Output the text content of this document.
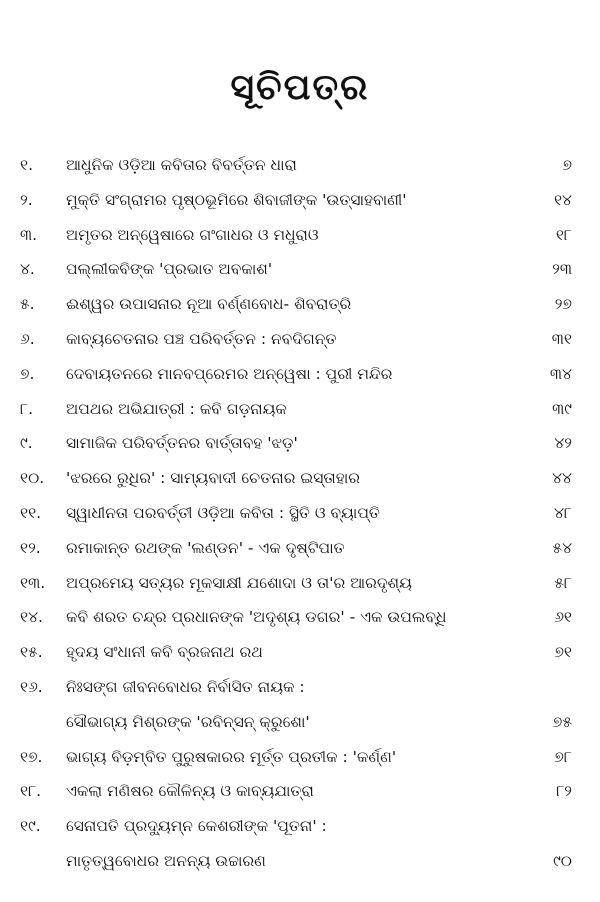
ସୂଚିପତ୍ର
୧.	ଆଧୁନିକ ଓଡ଼ିଆ କବିତାର ବିବର୍ତ୍ତନ ଧାରା	୭
୨.	ମୁକ୍ତି ସଂଗ୍ରାମର ପୃଷ୍ଠଭୂମିରେ ଶିବାଜୀଙ୍କ 'ଉତ୍ସାହବାଣୀ'	୧୪
୩.	ଅମୃତର ଅନ୍ୱେଷାରେ ଗଂଗାଧର ଓ ମଧୁରାଓ	୧୮
୪.	ପଲ୍ଲୀକବିଙ୍କ 'ପ୍ରଭାତ ଅବକାଶ'	୨୩
୫.	ଈଶ୍ୱର ଉପାସନାର ନୂଆ ବର୍ଣ୍ଣବୋଧ- ଶିବରାତ୍ରି	୨୭
୬.	କାବ୍ୟଚେତନାର ପଞ୍ଚ ପରିବର୍ତ୍ତନ : ନବଦିଗନ୍ତ	୩୧
୭.	ଦେବାୟତନରେ ମାନବପ୍ରେମର ଅନ୍ୱେଷା : ପୁରୀ ମନ୍ଦିର	୩୪
୮.	ଅପଥର ଅଭିଯାତ୍ରୀ : କବି ଗଡ଼ନାୟକ	୩୯
୯.	ସାମାଜିକ ପରିବର୍ତ୍ତନର ବାର୍ତ୍ତାବହ 'ଝଡ଼'	୪୨
୧୦.	'ଝରରେ ରୁଧିର' : ସାମ୍ୟବାଦୀ ଚେତନାର ଇସ୍ତାହାର	୪୪
୧୧.	ସ୍ୱାଧୀନତା ପରବର୍ତ୍ତୀ ଓଡ଼ିଆ କବିତା : ସ୍ଥିତି ଓ ବ୍ୟାପ୍ତି	୪୮
୧୨.	ରମାକାନ୍ତ ରଥଙ୍କ 'ଲଣ୍ଡନ' - ଏକ ଦୃଷ୍ଟିପାତ	୫୪
୧୩.	ଅପ୍ରମେୟ ସତ୍ୟର ମୂକସାକ୍ଷୀ ଯଶୋଦା ଓ ତା'ର ଆରଦୃଶ୍ୟ	୫୮
୧୪.	କବି ଶରତ ଚନ୍ଦ୍ର ପ୍ରଧାନଙ୍କ 'ଅଦୃଶ୍ୟ ଡଗର' - ଏକ ଉପଲବ୍ଧି	୬୧
୧୫.	ହୃଦୟ ସଂଧାନୀ କବି ବ୍ରଜନାଥ ରଥ	୭୧
୧୬.	ନିଃସଙ୍ଗ ଜୀବନବୋଧର ନିର୍ବାସିତ ନାୟକ :
ସୌଭାଗ୍ୟ ମିଶ୍ରଙ୍କ 'ରବିନ୍‌ସନ୍ କ୍ରୁଶୋ'	୭୫
୧୭.	ଭାଗ୍ୟ ବିଡ଼ମ୍ବିତ ପୁରୁଷକାରର ମୂର୍ତ୍ତ ପ୍ରତୀକ : 'କର୍ଣ୍ଣ'	୭୮
୧୮.	ଏକଲା ମଣିଷର କୌଳିନ୍ୟ ଓ କାବ୍ୟଯାତ୍ରା	୮୨
୧୯.	ସେନାପତି ପ୍ରଦ୍ୟୁମ୍ନ କେଶରୀଙ୍କ 'ପୂତନା' :
ମାତୃତ୍ୱବୋଧର ଅନନ୍ୟ ଉଚ୍ଚାରଣ	୯୦
